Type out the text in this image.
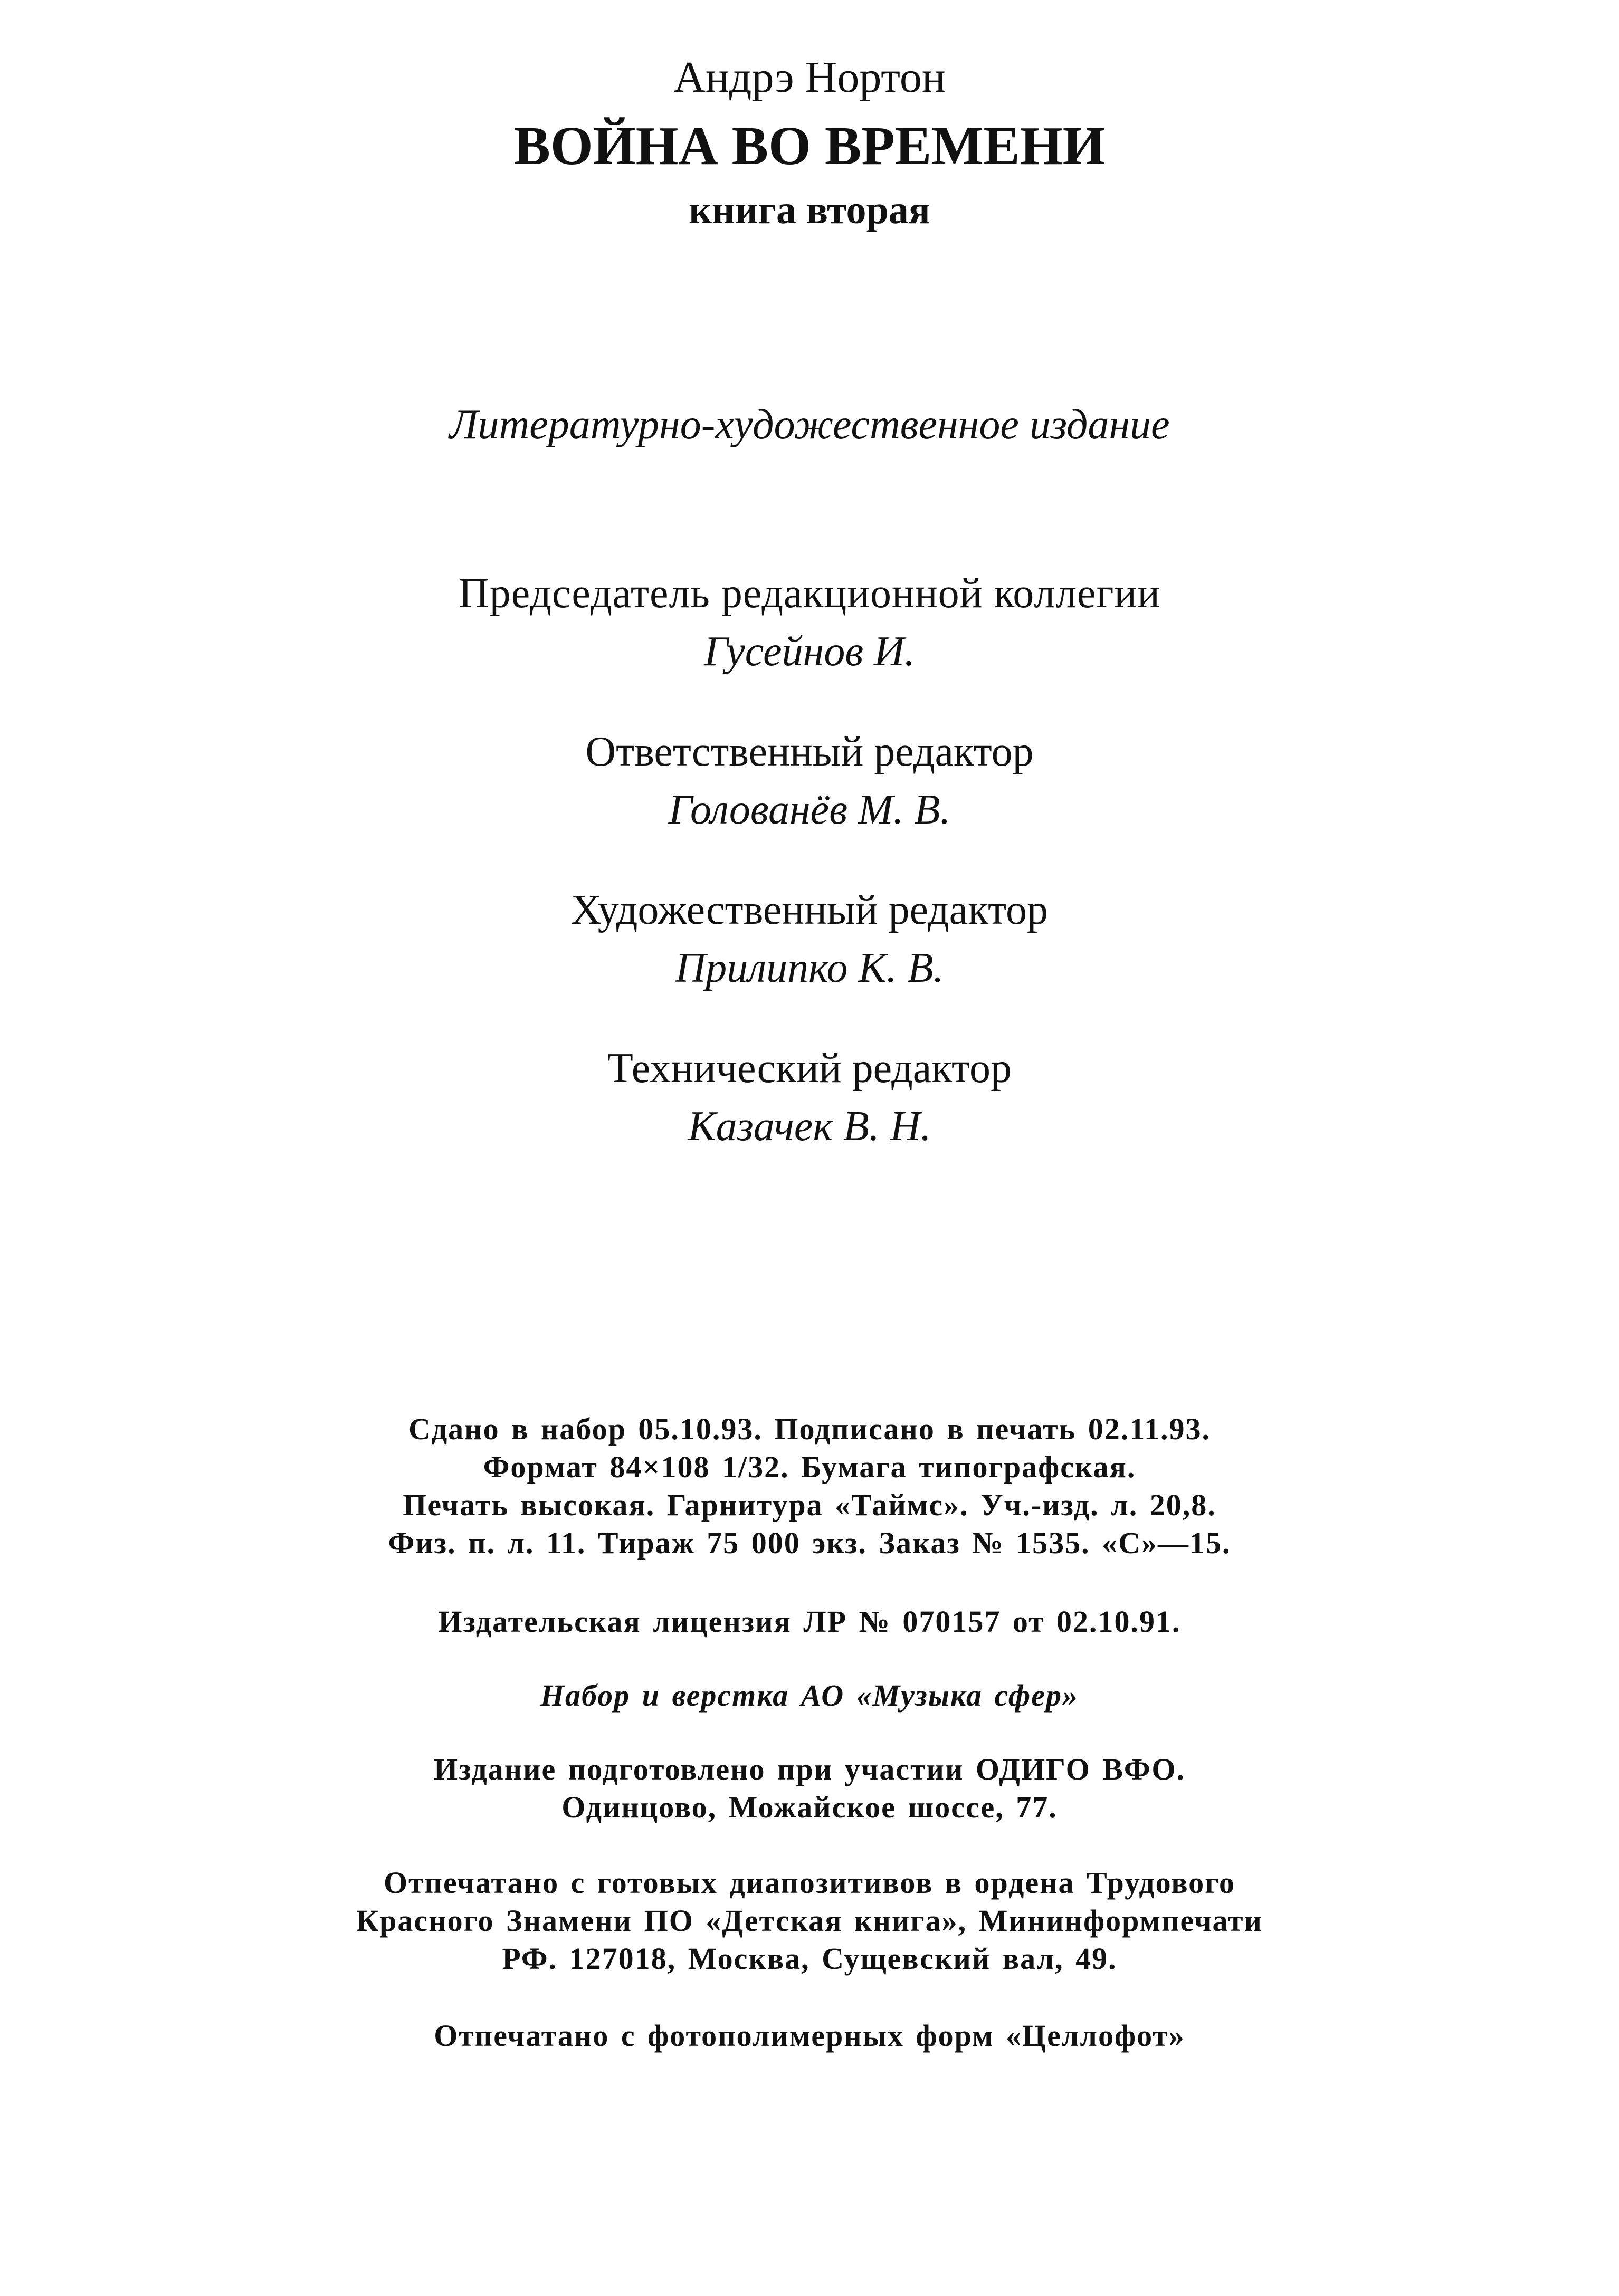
Андрэ Нортон
ВОЙНА ВО ВРЕМЕНИ
книга вторая
Литературно-художественное издание
Председатель редакционной коллегии
Гусейнов И.
Ответственный редактор
Голованёв М. В.
Художественный редактор
Прилипко К. В.
Технический редактор
Казачек В. Н.
Сдано в набор 05.10.93. Подписано в печать 02.11.93.
Формат 84×108 1/32. Бумага типографская.
Печать высокая. Гарнитура «Таймс». Уч.-изд. л. 20,8.
Физ. п. л. 11. Тираж 75 000 экз. Заказ № 1535. «С»—15.
Издательская лицензия ЛР № 070157 от 02.10.91.
Набор и верстка АО «Музыка сфер»
Издание подготовлено при участии ОДИГО ВФО.
Одинцово, Можайское шоссе, 77.
Отпечатано с готовых диапозитивов в ордена Трудового
Красного Знамени ПО «Детская книга», Мининформпечати
РФ. 127018, Москва, Сущевский вал, 49.
Отпечатано с фотополимерных форм «Целлофот»
